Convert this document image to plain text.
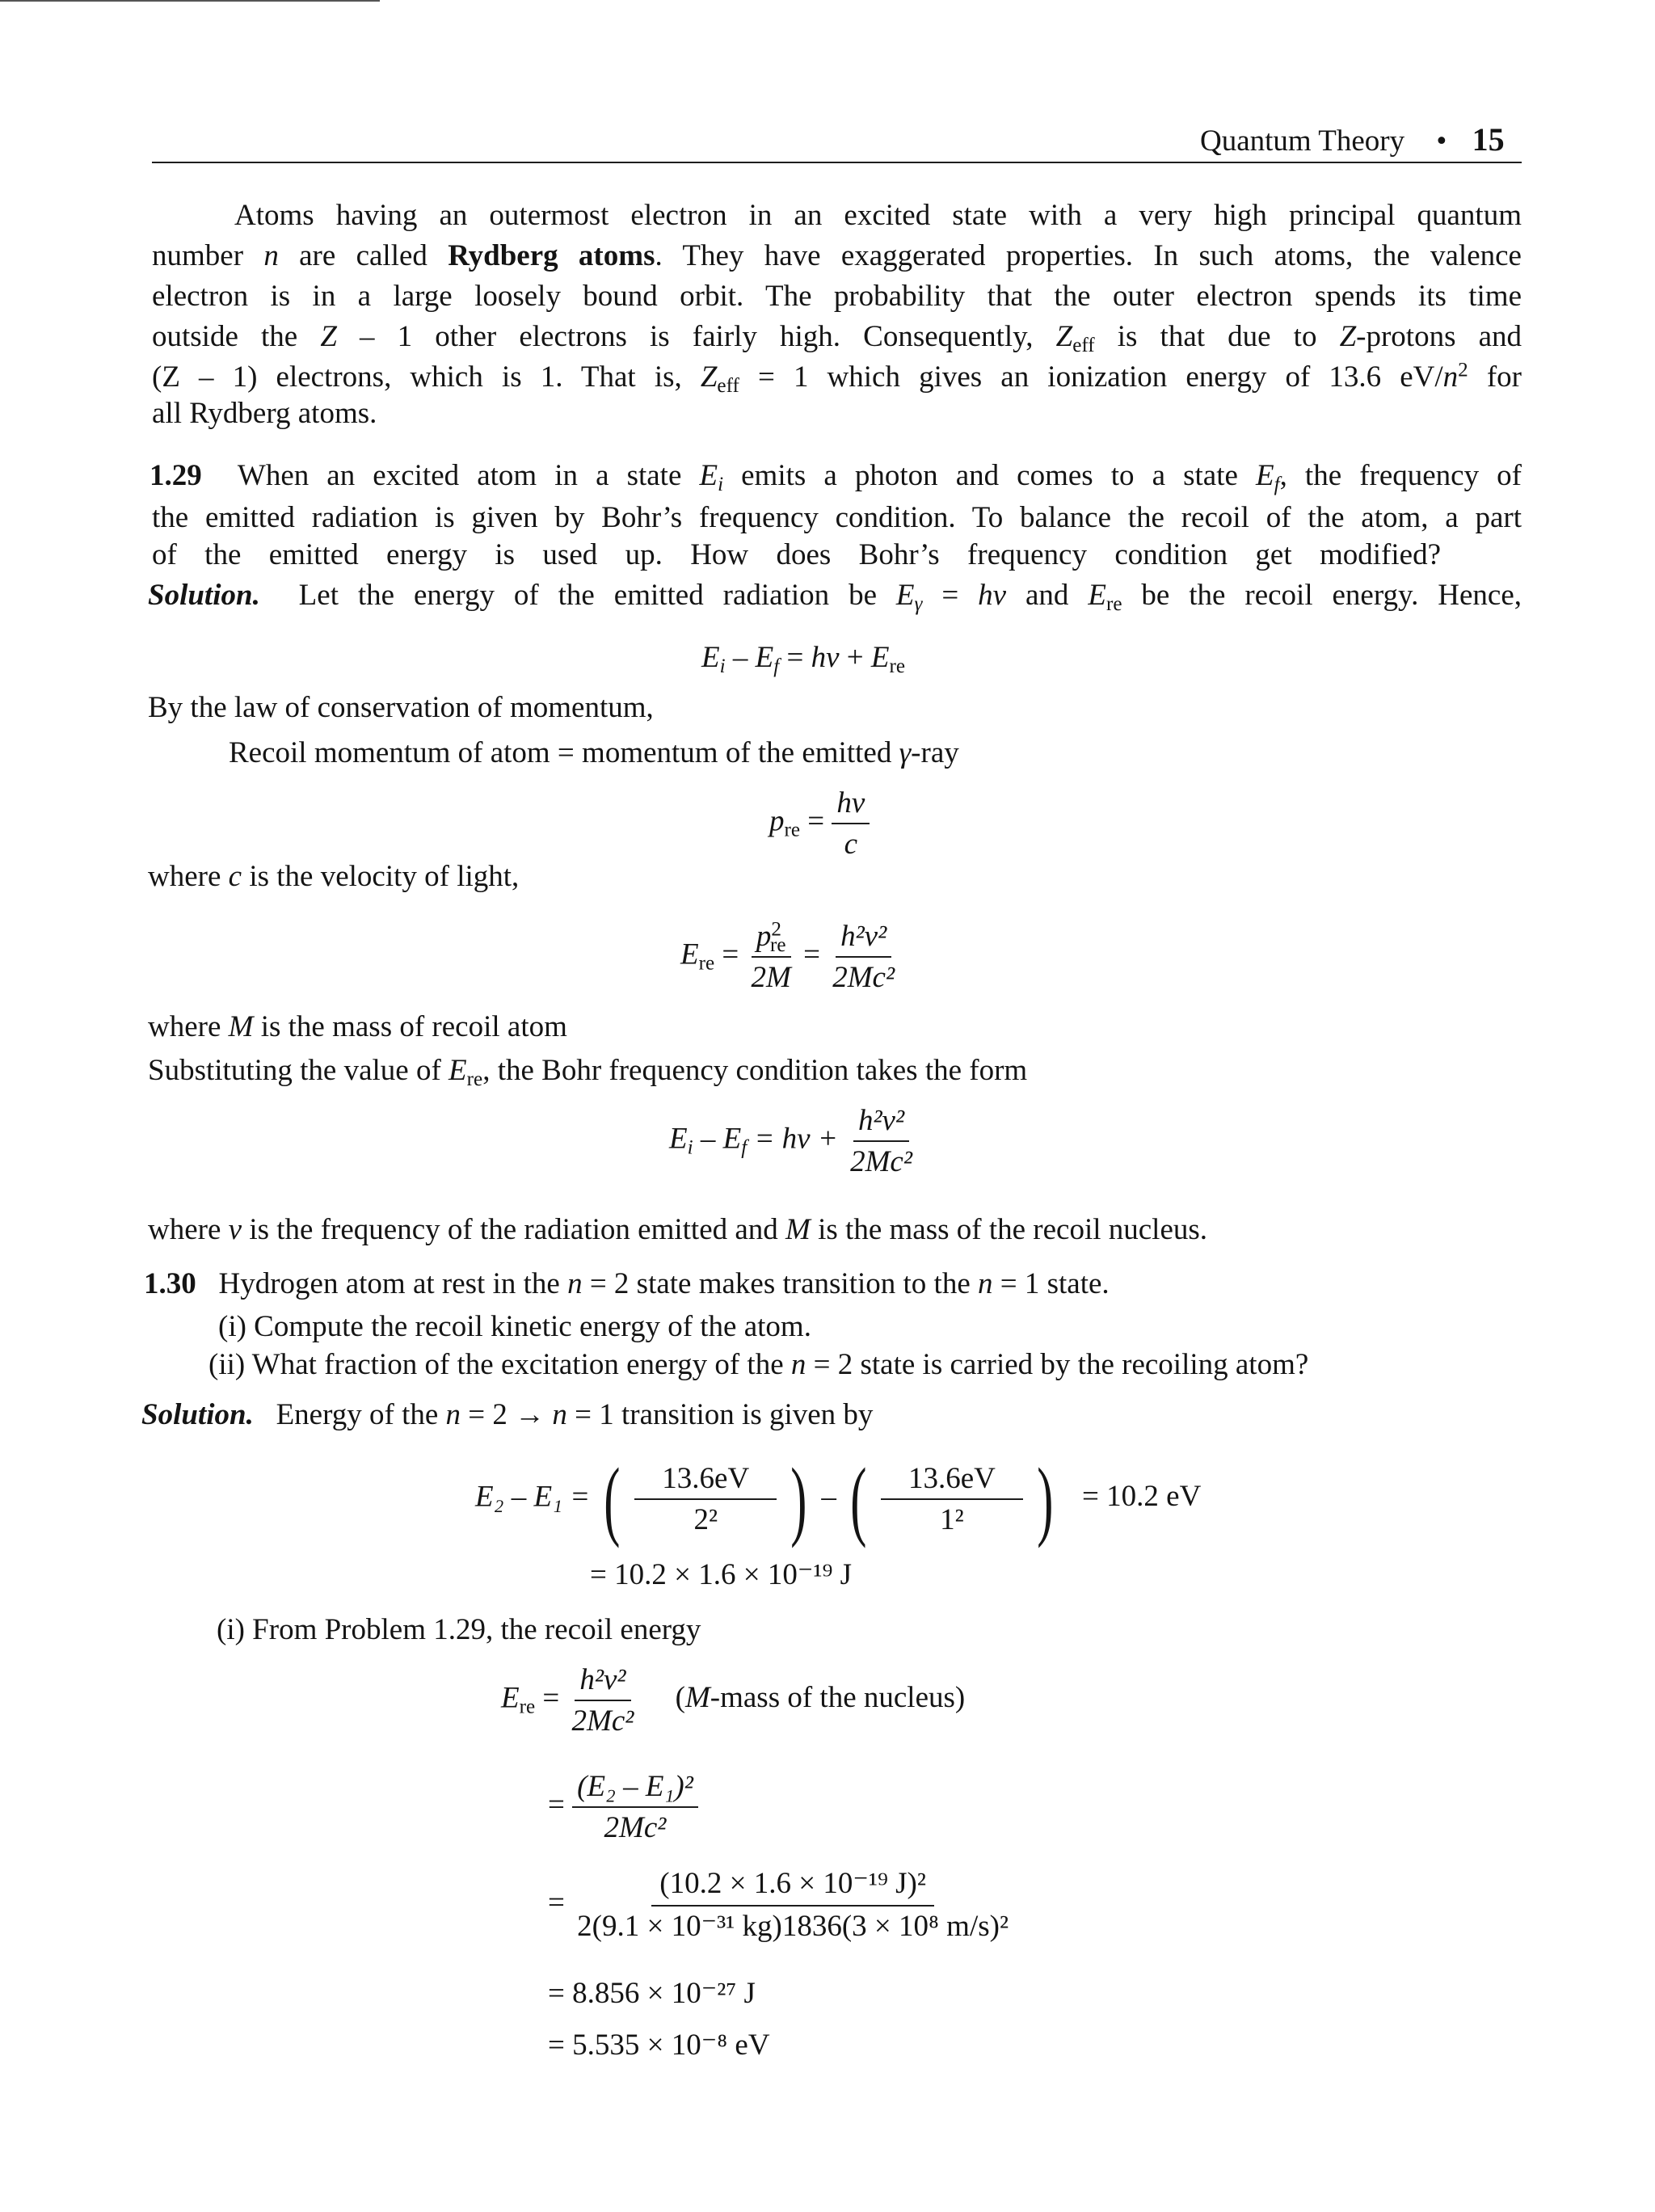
Quantum Theory • 15
Atoms having an outermost electron in an excited state with a very high principal quantum
number n are called Rydberg atoms. They have exaggerated properties. In such atoms, the valence
electron is in a large loosely bound orbit. The probability that the outer electron spends its time
outside the Z – 1 other electrons is fairly high. Consequently, $Z_{eff}$ is that due to Z-protons and
(Z – 1) electrons, which is 1. That is, $Z_{eff} = 1$ which gives an ionization energy of 13.6 $eV/n^2$ for
all Rydberg atoms.
1.29 When an excited atom in a state $E_i$ emits a photon and comes to a state $E_f$, the frequency of
the emitted radiation is given by Bohr’s frequency condition. To balance the recoil of the atom, a part
of the emitted energy is used up. How does Bohr’s frequency condition get modified?
Solution. Let the energy of the emitted radiation be $E_\gamma = h\nu$ and $E_{re}$ be the recoil energy. Hence,
$E_i - E_f = h\nu + E_{re}$
By the law of conservation of momentum,
Recoil momentum of atom = momentum of the emitted γ-ray
$p_{re} = \frac{h\nu}{c}$
where c is the velocity of light,
$E_{re} = \frac{p^2_{re}}{2M} = \frac{\text{h²ν²}}{\text{2Mc²}}$
where M is the mass of recoil atom
Substituting the value of $E_{re}$, the Bohr frequency condition takes the form
$E_i - E_f = h\nu + \frac{\text{h²ν²}}{\text{2Mc²}}$
where ν is the frequency of the radiation emitted and M is the mass of the recoil nucleus.
1.30 Hydrogen atom at rest in the n = 2 state makes transition to the n = 1 state.
(i) Compute the recoil kinetic energy of the atom.
(ii) What fraction of the excitation energy of the n = 2 state is carried by the recoiling atom?
Solution. Energy of the n = 2 → n = 1 transition is given by
E₂ – E₁ = ( $\frac{13.6eV}{\text{2²}}$ ) – ( $\frac{13.6eV}{\text{1²}}$ ) = 10.2 eV
= 10.2 × 1.6 × 10⁻¹⁹ J
(i) From Problem 1.29, the recoil energy
$E_{re} = \frac{\text{h²ν²}}{\text{2Mc²}}$ (M-mass of the nucleus)
= $\frac{\text{(E₂ – E₁)²}}{\text{2Mc²}}$
= $\frac{\text{(10.2 × 1.6 × 10⁻¹⁹ J)²}}{\text{2(9.1 × 10⁻³¹ kg)1836(3 × 10⁸ m/s)²}}$
= 8.856 × 10⁻²⁷ J
= 5.535 × 10⁻⁸ eV
